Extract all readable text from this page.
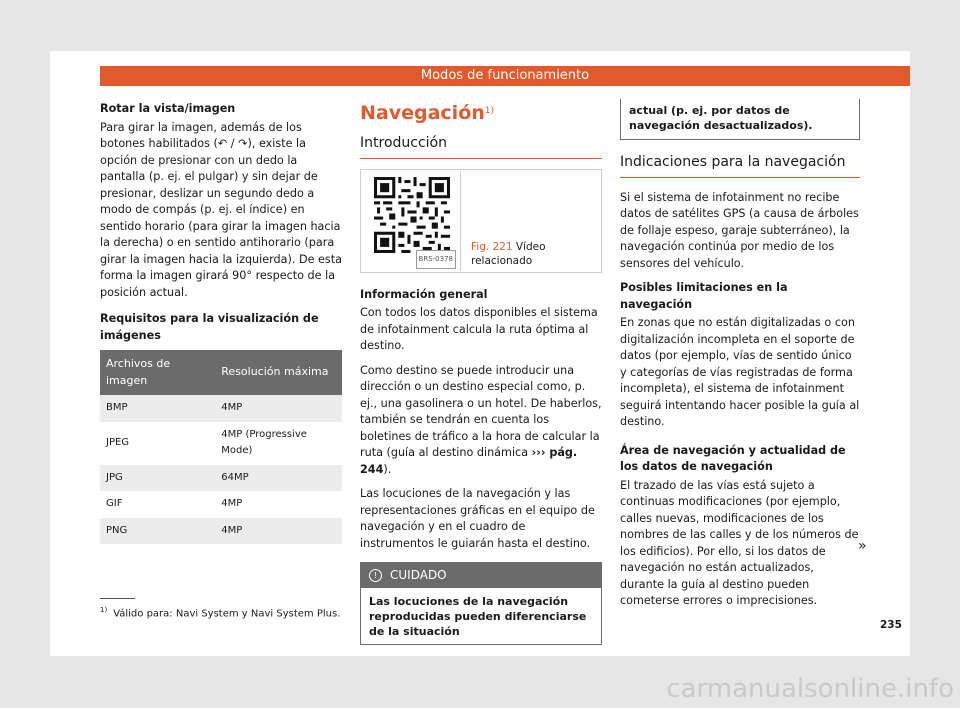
Modos de funcionamiento
Rotar la vista/imagen

Para girar la imagen, además de los botones habilitados (↶ / ↷), existe la opción de presionar con un dedo la pantalla (p. ej. el pulgar) y sin dejar de presionar, deslizar un segundo dedo a modo de compás (p. ej. el índice) en sentido horario (para girar la imagen hacia la derecha) o en sentido antihorario (para girar la imagen hacia la izquierda). De esta forma la imagen girará 90° respecto de la posición actual.

Requisitos para la visualización de imágenes
Archivos de imagen	Resolución máxima
BMP	4MP
JPEG	4MP (Progressive Mode)
JPG	64MP
GIF	4MP
PNG	4MP
Navegación$^{1)}$
Introducción
BRS-0378
Fig. 221 Vídeo relacionado
Información general

Con todos los datos disponibles el sistema de infotainment calcula la ruta óptima al destino.

Como destino se puede introducir una dirección o un destino especial como, p. ej., una gasolinera o un hotel. De haberlos, también se tendrán en cuenta los boletines de tráfico a la hora de calcular la ruta (guía al destino dinámica ››› pág. 244).

Las locuciones de la navegación y las representaciones gráficas en el equipo de navegación y en el cuadro de instrumentos le guiarán hasta el destino.

!	CUIDADO
Las locuciones de la navegación reproducidas pueden diferenciarse de la situación
actual (p. ej. por datos de navegación desactualizados).
Indicaciones para la navegación

Si el sistema de infotainment no recibe datos de satélites GPS (a causa de árboles de follaje espeso, garaje subterráneo), la navegación continúa por medio de los sensores del vehículo.

Posibles limitaciones en la navegación

En zonas que no están digitalizadas o con digitalización incompleta en el soporte de datos (por ejemplo, vías de sentido único y categorías de vías registradas de forma incompleta), el sistema de infotainment seguirá intentando hacer posible la guía al destino.

Área de navegación y actualidad de los datos de navegación

El trazado de las vías está sujeto a continuas modificaciones (por ejemplo, calles nuevas, modificaciones de los nombres de las calles y de los números de los edificios). Por ello, si los datos de navegación no están actualizados, durante la guía al destino pueden cometerse errores o imprecisiones.

»
$^{1)}$ Válido para: Navi System y Navi System Plus.
235
carmanualsonline.info
